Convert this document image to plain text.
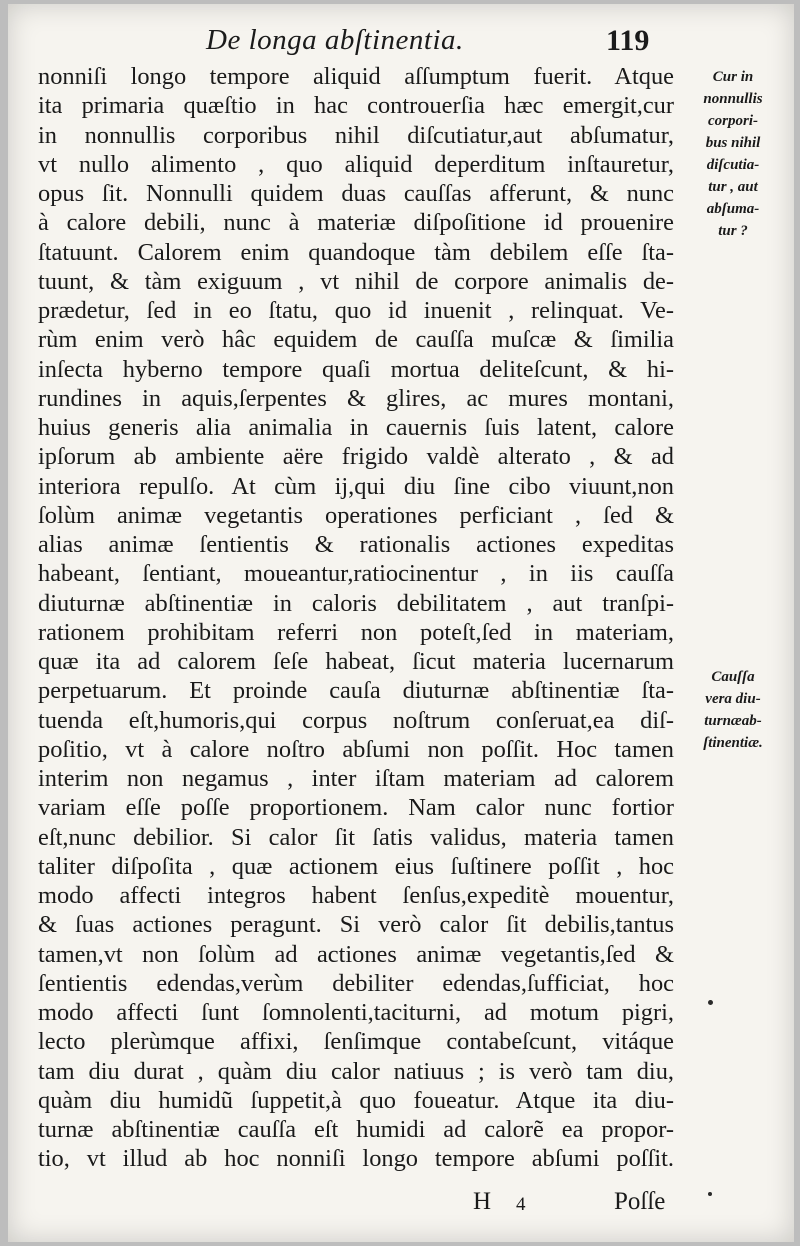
De longa abſtinentia.	119
nonniſi longo tempore aliquid aſſumptum fuerit. Atque
ita primaria quæſtio in hac controuerſia hæc emergit,cur
in nonnullis corporibus nihil diſcutiatur,aut abſumatur,
vt nullo alimento , quo aliquid deperditum inſtauretur,
opus ſit. Nonnulli quidem duas cauſſas afferunt, & nunc
à calore debili, nunc à materiæ diſpoſitione id prouenire
ſtatuunt. Calorem enim quandoque tàm debilem eſſe ſta-
tuunt, & tàm exiguum , vt nihil de corpore animalis de-
prædetur, ſed in eo ſtatu, quo id inuenit , relinquat. Ve-
rùm enim verò hâc equidem de cauſſa muſcæ & ſimilia
inſecta hyberno tempore quaſi mortua deliteſcunt, & hi-
rundines in aquis,ſerpentes & glires, ac mures montani,
huius generis alia animalia in cauernis ſuis latent, calore
ipſorum ab ambiente aëre frigido valdè alterato , & ad
interiora repulſo. At cùm ij,qui diu ſine cibo viuunt,non
ſolùm animæ vegetantis operationes perficiant , ſed &
alias animæ ſentientis & rationalis actiones expeditas
habeant, ſentiant, moueantur,ratiocinentur , in iis cauſſa
diuturnæ abſtinentiæ in caloris debilitatem , aut tranſpi-
rationem prohibitam referri non poteſt,ſed in materiam,
quæ ita ad calorem ſeſe habeat, ſicut materia lucernarum
perpetuarum. Et proinde cauſa diuturnæ abſtinentiæ ſta-
tuenda eſt,humoris,qui corpus noſtrum conſeruat,ea diſ-
poſitio, vt à calore noſtro abſumi non poſſit. Hoc tamen
interim non negamus , inter iſtam materiam ad calorem
variam eſſe poſſe proportionem. Nam calor nunc fortior
eſt,nunc debilior. Si calor ſit ſatis validus, materia tamen
taliter diſpoſita , quæ actionem eius ſuſtinere poſſit , hoc
modo affecti integros habent ſenſus,expeditè mouentur,
& ſuas actiones peragunt. Si verò calor ſit debilis,tantus
tamen,vt non ſolùm ad actiones animæ vegetantis,ſed &
ſentientis edendas,verùm debiliter edendas,ſufficiat, hoc
modo affecti ſunt ſomnolenti,taciturni, ad motum pigri,
lecto plerùmque affixi, ſenſimque contabeſcunt, vitáque
tam diu durat , quàm diu calor natiuus ; is verò tam diu,
quàm diu humidũ ſuppetit,à quo foueatur. Atque ita diu-
turnæ abſtinentiæ cauſſa eſt humidi ad calorẽ ea propor-
tio, vt illud ab hoc nonniſi longo tempore abſumi poſſit.
Cur in
nonnullis
corpori-
bus nihil
diſcutia-
tur , aut
abſuma-
tur ?
Cauſſa
vera diu-
turnæab-
ſtinentiæ.
H 4	Poſſe
